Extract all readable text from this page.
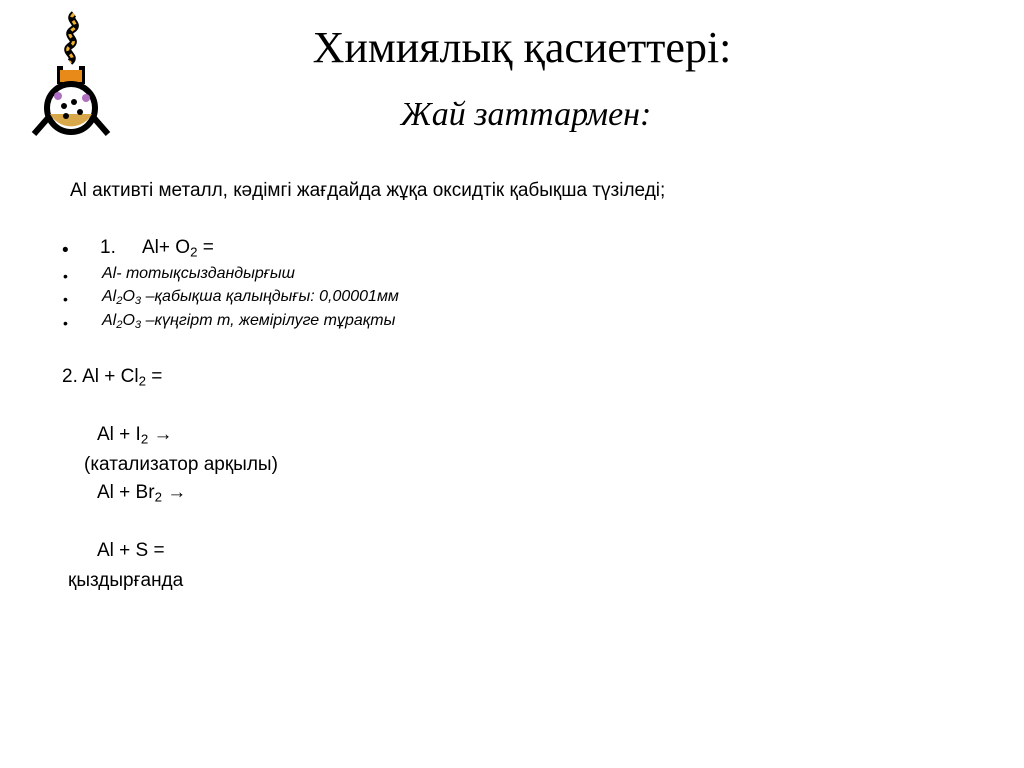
Химиялық қасиеттері:
Жай заттармен:
Al активті металл, кәдімгі жағдайда жұқа оксидтік қабықша түзіледі;
• 1. $Al+ O_2$ =
• Al- тотықсыздандырғыш
• $Al_2O_3$ –қабықша қалыңдығы: 0,00001мм
• $Al_2O_3$ –күңгірт т, жемірілуге тұрақты
2. $Al + Cl_2$ =
$Al + I_2$ →
(катализатор арқылы)
$Al + Br_2$ →
Al + S =
қыздырғанда
